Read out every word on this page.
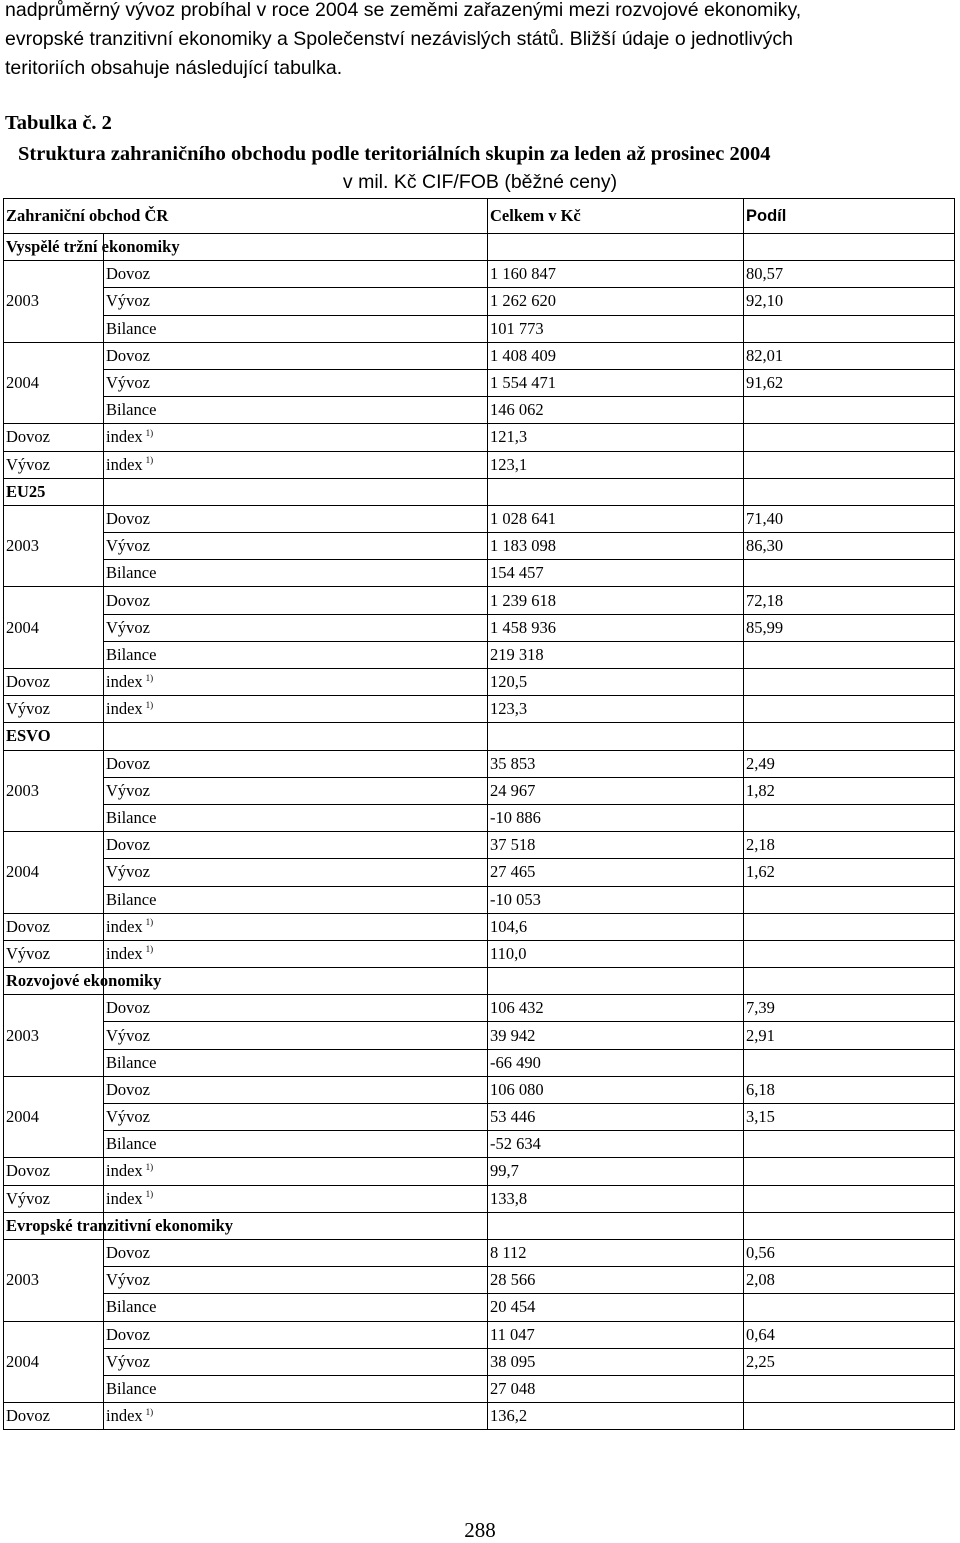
nadprůměrný vývoz probíhal v roce 2004 se zeměmi zařazenými mezi rozvojové ekonomiky,
evropské tranzitivní ekonomiky a Společenství nezávislých států. Bližší údaje o jednotlivých
teritoriích obsahuje následující tabulka.
Tabulka č. 2
Struktura zahraničního obchodu podle teritoriálních skupin za leden až prosinec 2004
v mil. Kč CIF/FOB (běžné ceny)
Zahraniční obchod ČR		Celkem v Kč	Podíl
Vyspělé tržní ekonomiky			
2003	Dovoz	1 160 847	80,57
	Vývoz	1 262 620	92,10
	Bilance	101 773	
2004	Dovoz	1 408 409	82,01
	Vývoz	1 554 471	91,62
	Bilance	146 062	
Dovoz	index $^{1)}$	121,3	
Vývoz	index $^{1)}$	123,1	
EU25			
2003	Dovoz	1 028 641	71,40
	Vývoz	1 183 098	86,30
	Bilance	154 457	
2004	Dovoz	1 239 618	72,18
	Vývoz	1 458 936	85,99
	Bilance	219 318	
Dovoz	index $^{1)}$	120,5	
Vývoz	index $^{1)}$	123,3	
ESVO			
2003	Dovoz	35 853	2,49
	Vývoz	24 967	1,82
	Bilance	-10 886	
2004	Dovoz	37 518	2,18
	Vývoz	27 465	1,62
	Bilance	-10 053	
Dovoz	index $^{1)}$	104,6	
Vývoz	index $^{1)}$	110,0	
Rozvojové ekonomiky			
2003	Dovoz	106 432	7,39
	Vývoz	39 942	2,91
	Bilance	-66 490	
2004	Dovoz	106 080	6,18
	Vývoz	53 446	3,15
	Bilance	-52 634	
Dovoz	index $^{1)}$	99,7	
Vývoz	index $^{1)}$	133,8	
Evropské tranzitivní ekonomiky			
2003	Dovoz	8 112	0,56
	Vývoz	28 566	2,08
	Bilance	20 454	
2004	Dovoz	11 047	0,64
	Vývoz	38 095	2,25
	Bilance	27 048	
Dovoz	index $^{1)}$	136,2	
288
